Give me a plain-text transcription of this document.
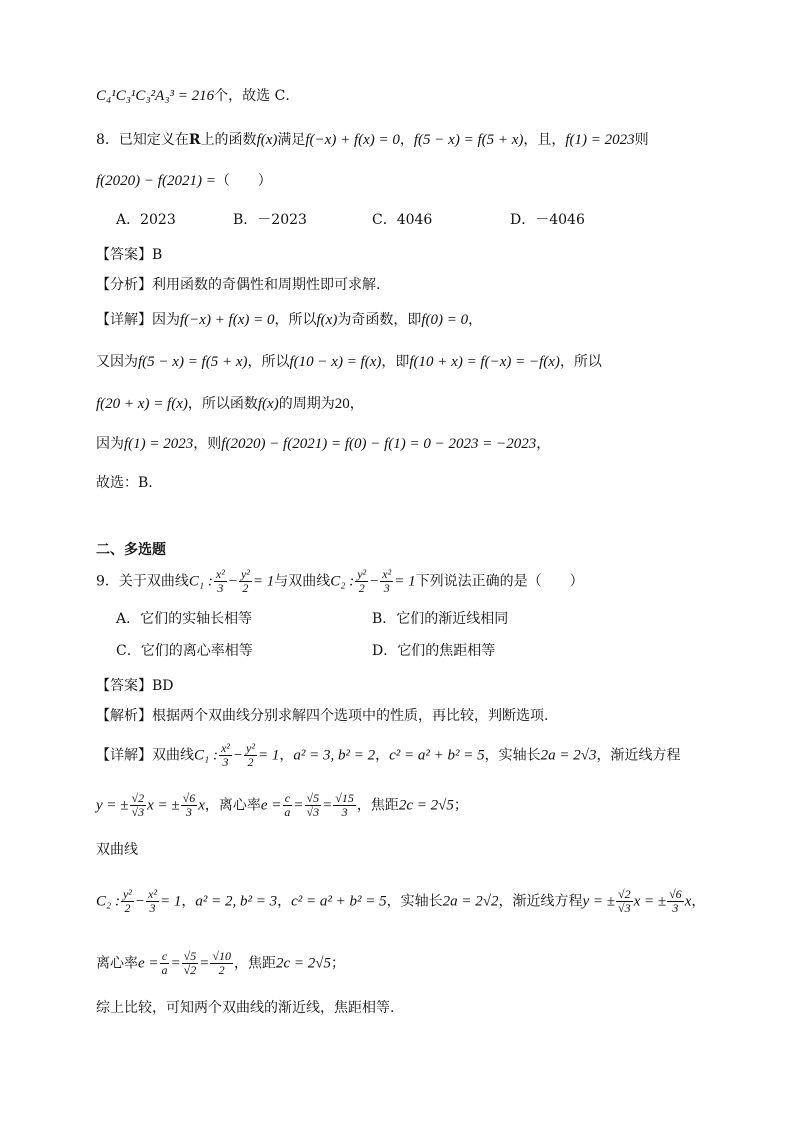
C₄¹C₃¹C₃²A₃³ = 216个，故选 C．
8．已知定义在R上的函数f(x)满足f(−x) + f(x) = 0，f(5 − x) = f(5 + x)，且，f(1) = 2023则
f(2020) − f(2021) =（　　）
A．2023	B．－2023	C．4046	D．－4046
【答案】B
【分析】利用函数的奇偶性和周期性即可求解.
【详解】因为f(−x) + f(x) = 0，所以f(x)为奇函数，即f(0) = 0，
又因为f(5 − x) = f(5 + x)，所以f(10 − x) = f(x)，即f(10 + x) = f(−x) = −f(x)，所以
f(20 + x) = f(x)，所以函数f(x)的周期为20，
因为f(1) = 2023，则f(2020) − f(2021) = f(0) − f(1) = 0 − 2023 = −2023，
故选：B.
二、多选题
9．关于双曲线C₁ : $\frac{\text{x²}}{3} - \frac{\text{y²}}{2} = 1$与双曲线C₂ : $\frac{\text{y²}}{2} - \frac{\text{x²}}{3} = 1$下列说法正确的是（　　）
A．它们的实轴长相等	B．它们的渐近线相同
C．它们的离心率相等	D．它们的焦距相等
【答案】BD
【解析】根据两个双曲线分别求解四个选项中的性质，再比较，判断选项.
【详解】双曲线C₁ : $\frac{\text{x²}}{3} - \frac{\text{y²}}{2} = 1$，a² = 3, b² = 2，c² = a² + b² = 5，实轴长2a = 2√3，渐近线方程
y = ± $\frac{√2}{√3}$ x = ± $\frac{√6}{3}$ x，离心率$e = \frac{c}{a} = \frac{√5}{√3} = \frac{√15}{3}$ ，焦距2c = 2√5；
双曲线
C₂ : $\frac{\text{y²}}{2} - \frac{\text{x²}}{3} = 1$，a² = 2, b² = 3，c² = a² + b² = 5，实轴长2a = 2√2，渐近线方程y = ± $\frac{√2}{√3}$ x = ± $\frac{√6}{3}$ x，
离心率$e = \frac{c}{a} = \frac{√5}{√2} = \frac{√10}{2}$ ，焦距2c = 2√5；
综上比较，可知两个双曲线的渐近线，焦距相等.
